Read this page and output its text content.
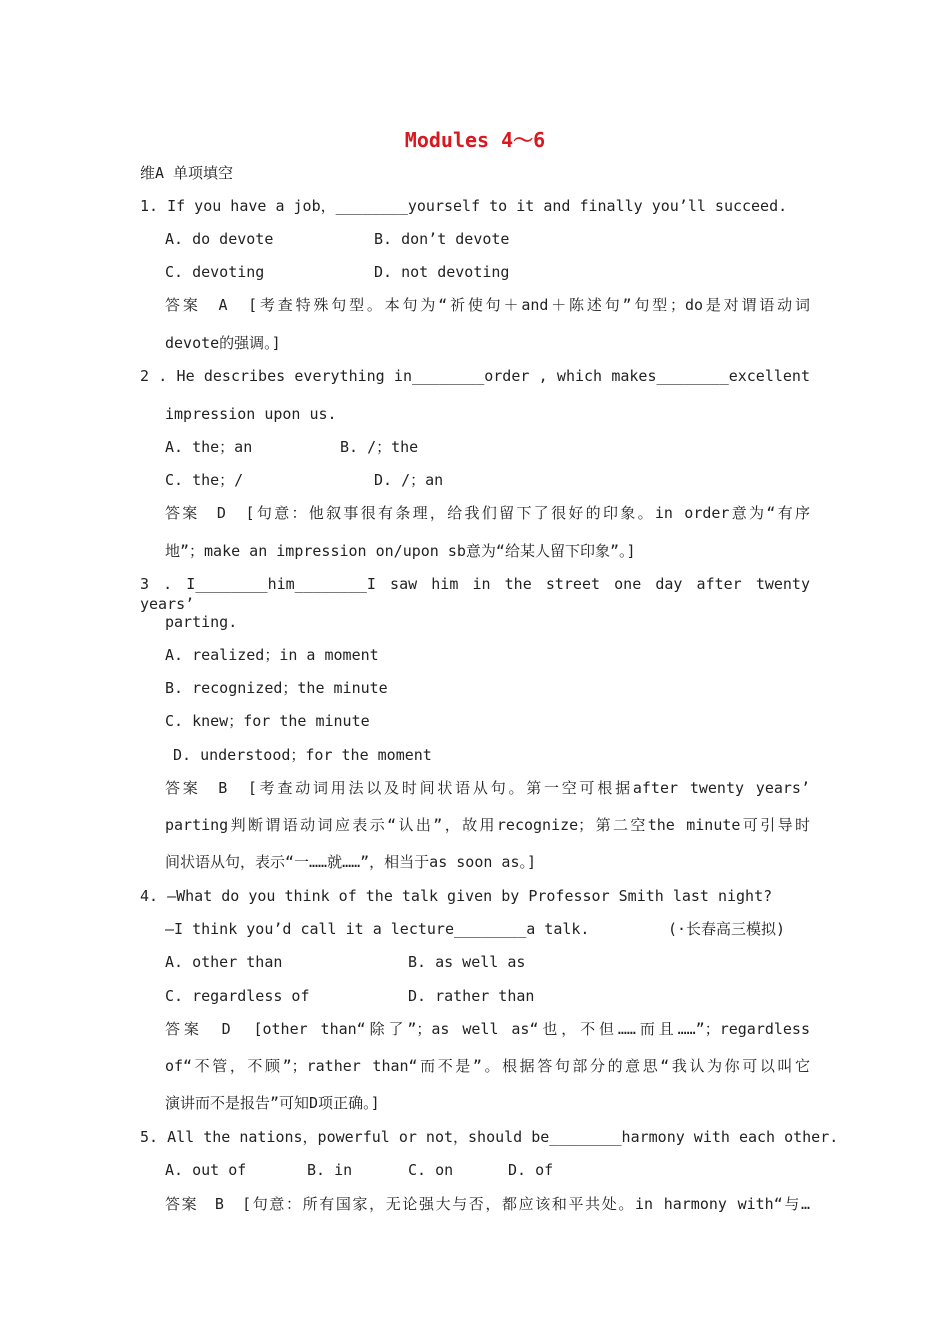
Modules 4～6
维A 单项填空
1. If you have a job，________yourself to it and finally you’ll succeed.
A. do devote	B. don’t devote
C. devoting	D. not devoting
答案　A　[考查特殊句型。本句为“祈使句＋and＋陈述句”句型；do是对谓语动词
devote的强调。]
2 . He describes everything in________order , which makes________excellent
impression upon us.
A. the；an	B. /；the
C. the；/	D. /；an
答案　D　[句意：他叙事很有条理，给我们留下了很好的印象。in order意为“有序
地”；make an impression on/upon sb意为“给某人留下印象”。]
3 . I________him________I saw him in the street one day after twenty years’
parting.
A. realized；in a moment
B. recognized；the minute
C. knew；for the minute
D. understood；for the moment
答案　B　[考查动词用法以及时间状语从句。第一空可根据after twenty years’
parting判断谓语动词应表示“认出”，故用recognize；第二空the minute可引导时
间状语从句，表示“一……就……”，相当于as soon as。]
4. —What do you think of the talk given by Professor Smith last night?
—I think you’d call it a lecture________a talk.	(·长春高三模拟)
A. other than	B. as well as
C. regardless of	D. rather than
答案　D　[other than“除了”；as well as“也，不但……而且……”；regardless
of“不管，不顾”；rather than“而不是”。根据答句部分的意思“我认为你可以叫它
演讲而不是报告”可知D项正确。]
5. All the nations，powerful or not，should be________harmony with each other.
A. out of	B. in	C. on	D. of
答案　B　[句意：所有国家，无论强大与否，都应该和平共处。in harmony with“与…
